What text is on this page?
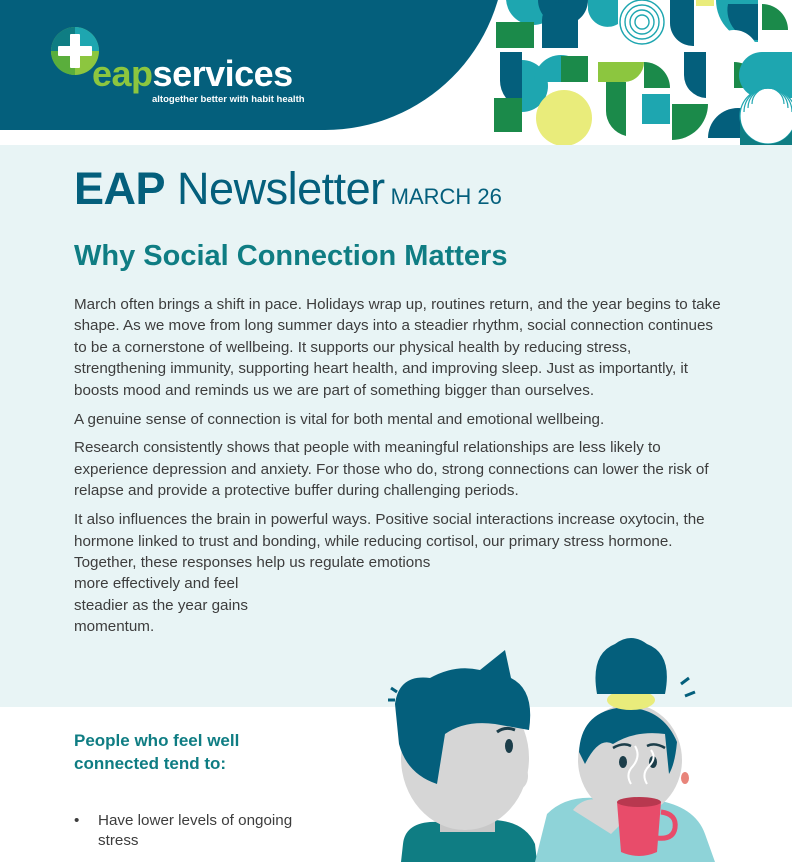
eapservices
altogether better with habit health
EAP Newsletter MARCH 26
Why Social Connection Matters

March often brings a shift in pace. Holidays wrap up, routines return, and the year begins to take shape. As we move from long summer days into a steadier rhythm, social connection continues to be a cornerstone of wellbeing. It supports our physical health by reducing stress, strengthening immunity, supporting heart health, and improving sleep. Just as importantly, it boosts mood and reminds us we are part of something bigger than ourselves.

A genuine sense of connection is vital for both mental and emotional wellbeing.

Research consistently shows that people with meaningful relationships are less likely to experience depression and anxiety. For those who do, strong connections can lower the risk of relapse and provide a protective buffer during challenging periods.

It also influences the brain in powerful ways. Positive social interactions increase oxytocin, the hormone linked to trust and bonding, while reducing cortisol, our primary stress hormone. Together, these responses help us regulate emotions

more effectively and feel steadier as the year gains momentum.

People who feel well connected tend to:
• Have lower levels of ongoing stress
